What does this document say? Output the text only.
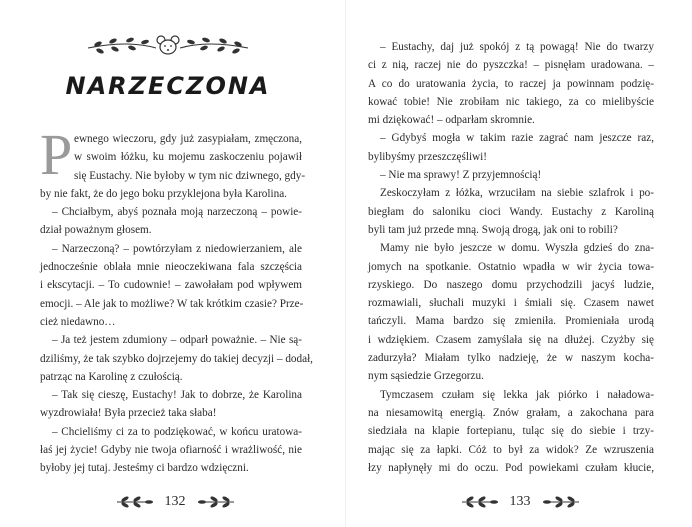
NARZECZONA
P ewnego wieczoru, gdy już zasypiałam, zmęczona,
w swoim łóżku, ku mojemu zaskoczeniu pojawił
się Eustachy. Nie byłoby w tym nic dziwnego, gdy-
by nie fakt, że do jego boku przyklejona była Karolina.
– Chciałbym, abyś poznała moją narzeczoną – powie-
dział poważnym głosem.
– Narzeczoną? – powtórzyłam z niedowierzaniem, ale
jednocześnie oblała mnie nieoczekiwana fala szczęścia
i ekscytacji. – To cudownie! – zawołałam pod wpływem
emocji. – Ale jak to możliwe? W tak krótkim czasie? Prze-
cież niedawno…
– Ja też jestem zdumiony – odparł poważnie. – Nie są-
dziliśmy, że tak szybko dojrzejemy do takiej decyzji – dodał,
patrząc na Karolinę z czułością.
– Tak się cieszę, Eustachy! Jak to dobrze, że Karolina
wyzdrowiała! Była przecież taka słaba!
– Chcieliśmy ci za to podziękować, w końcu uratowa-
łaś jej życie! Gdyby nie twoja ofiarność i wrażliwość, nie
byłoby jej tutaj. Jesteśmy ci bardzo wdzięczni.
132
– Eustachy, daj już spokój z tą powagą! Nie do twarzy
ci z nią, raczej nie do pyszczka! – pisnęłam uradowana. –
A co do uratowania życia, to raczej ja powinnam podzię-
kować tobie! Nie zrobiłam nic takiego, za co mielibyście
mi dziękować! – odparłam skromnie.
– Gdybyś mogła w takim razie zagrać nam jeszcze raz,
bylibyśmy przeszczęśliwi!
– Nie ma sprawy! Z przyjemnością!
Zeskoczyłam z łóżka, wrzuciłam na siebie szlafrok i po-
biegłam do saloniku cioci Wandy. Eustachy z Karoliną
byli tam już przede mną. Swoją drogą, jak oni to robili?
Mamy nie było jeszcze w domu. Wyszła gdzieś do zna-
jomych na spotkanie. Ostatnio wpadła w wir życia towa-
rzyskiego. Do naszego domu przychodzili jacyś ludzie,
rozmawiali, słuchali muzyki i śmiali się. Czasem nawet
tańczyli. Mama bardzo się zmieniła. Promieniała urodą
i wdziękiem. Czasem zamyślała się na dłużej. Czyżby się
zadurzyła? Miałam tylko nadzieję, że w naszym kocha-
nym sąsiedzie Grzegorzu.
Tymczasem czułam się lekka jak piórko i naładowa-
na niesamowitą energią. Znów grałam, a zakochana para
siedziała na klapie fortepianu, tuląc się do siebie i trzy-
mając się za łapki. Cóż to był za widok? Ze wzruszenia
łzy napłynęły mi do oczu. Pod powiekami czułam kłucie,
133
